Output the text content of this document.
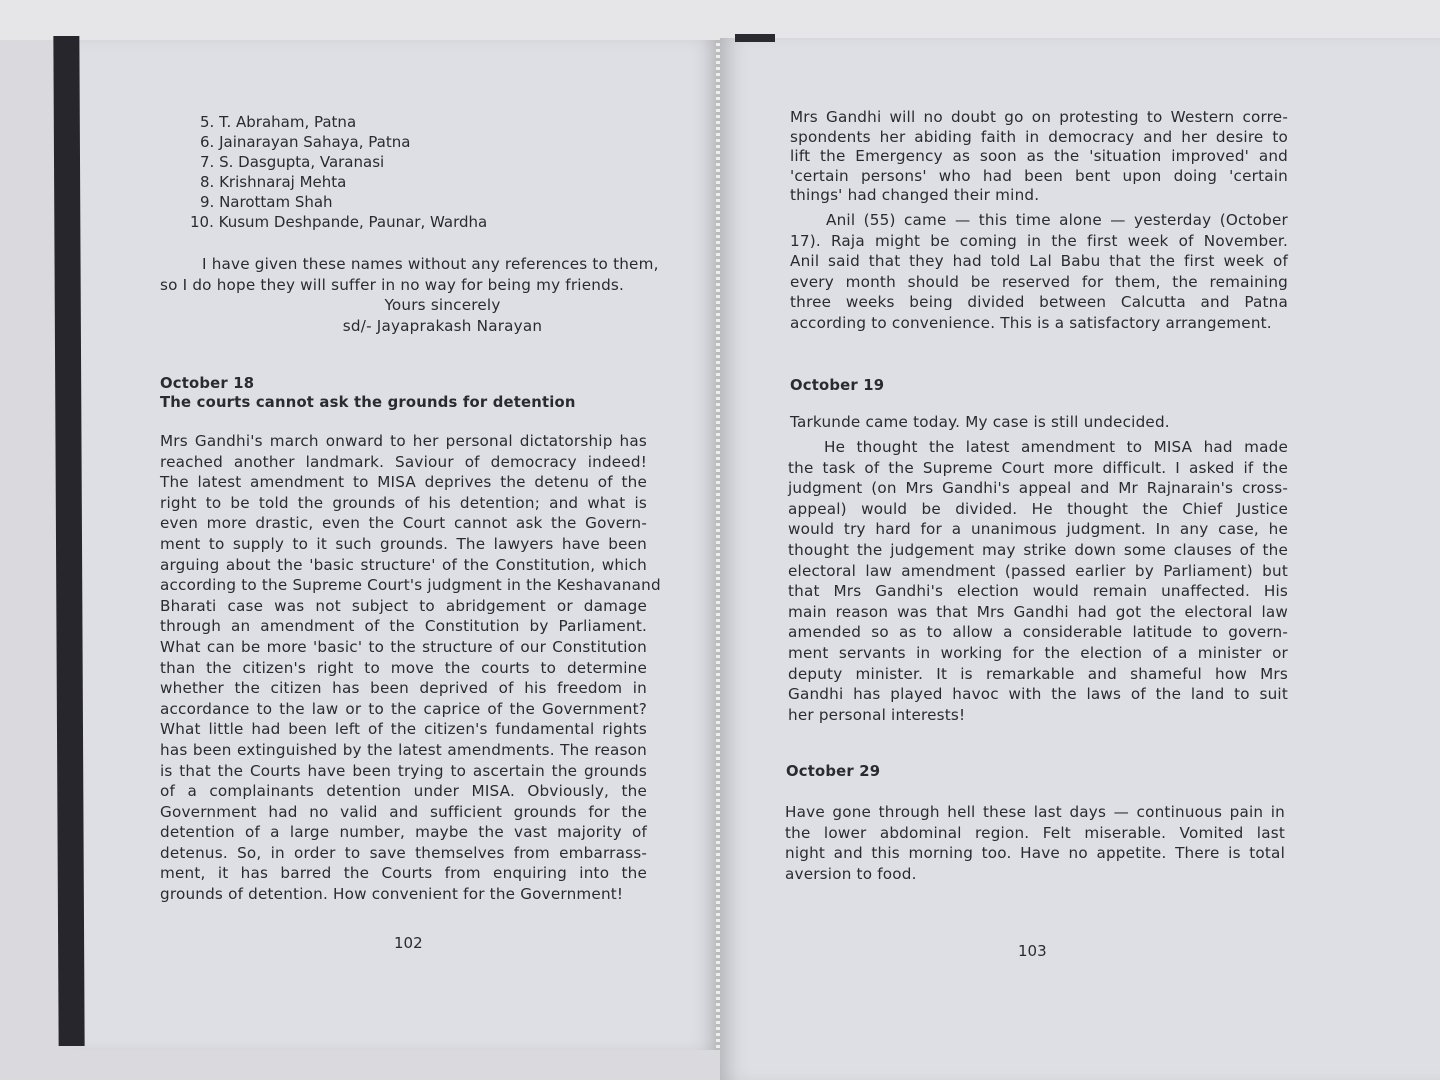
5. T. Abraham, Patna
6. Jainarayan Sahaya, Patna
7. S. Dasgupta, Varanasi
8. Krishnaraj Mehta
9. Narottam Shah
10. Kusum Deshpande, Paunar, Wardha
I have given these names without any references to them,
so I do hope they will suffer in no way for being my friends.
Yours sincerely
sd/- Jayaprakash Narayan
October 18
The courts cannot ask the grounds for detention
Mrs Gandhi's march onward to her personal dictatorship has
reached another landmark. Saviour of democracy indeed!
The latest amendment to MISA deprives the detenu of the
right to be told the grounds of his detention; and what is
even more drastic, even the Court cannot ask the Govern-
ment to supply to it such grounds. The lawyers have been
arguing about the 'basic structure' of the Constitution, which
according to the Supreme Court's judgment in the Keshavanand
Bharati case was not subject to abridgement or damage
through an amendment of the Constitution by Parliament.
What can be more 'basic' to the structure of our Constitution
than the citizen's right to move the courts to determine
whether the citizen has been deprived of his freedom in
accordance to the law or to the caprice of the Government?
What little had been left of the citizen's fundamental rights
has been extinguished by the latest amendments. The reason
is that the Courts have been trying to ascertain the grounds
of a complainants detention under MISA. Obviously, the
Government had no valid and sufficient grounds for the
detention of a large number, maybe the vast majority of
detenus. So, in order to save themselves from embarrass-
ment, it has barred the Courts from enquiring into the
grounds of detention. How convenient for the Government!
102
Mrs Gandhi will no doubt go on protesting to Western corre-
spondents her abiding faith in democracy and her desire to
lift the Emergency as soon as the 'situation improved' and
'certain persons' who had been bent upon doing 'certain
things' had changed their mind.
Anil (55) came — this time alone — yesterday (October
17). Raja might be coming in the first week of November.
Anil said that they had told Lal Babu that the first week of
every month should be reserved for them, the remaining
three weeks being divided between Calcutta and Patna
according to convenience. This is a satisfactory arrangement.
October 19
Tarkunde came today. My case is still undecided.
He thought the latest amendment to MISA had made
the task of the Supreme Court more difficult. I asked if the
judgment (on Mrs Gandhi's appeal and Mr Rajnarain's cross-
appeal) would be divided. He thought the Chief Justice
would try hard for a unanimous judgment. In any case, he
thought the judgement may strike down some clauses of the
electoral law amendment (passed earlier by Parliament) but
that Mrs Gandhi's election would remain unaffected. His
main reason was that Mrs Gandhi had got the electoral law
amended so as to allow a considerable latitude to govern-
ment servants in working for the election of a minister or
deputy minister. It is remarkable and shameful how Mrs
Gandhi has played havoc with the laws of the land to suit
her personal interests!
October 29
Have gone through hell these last days — continuous pain in
the lower abdominal region. Felt miserable. Vomited last
night and this morning too. Have no appetite. There is total
aversion to food.
103
